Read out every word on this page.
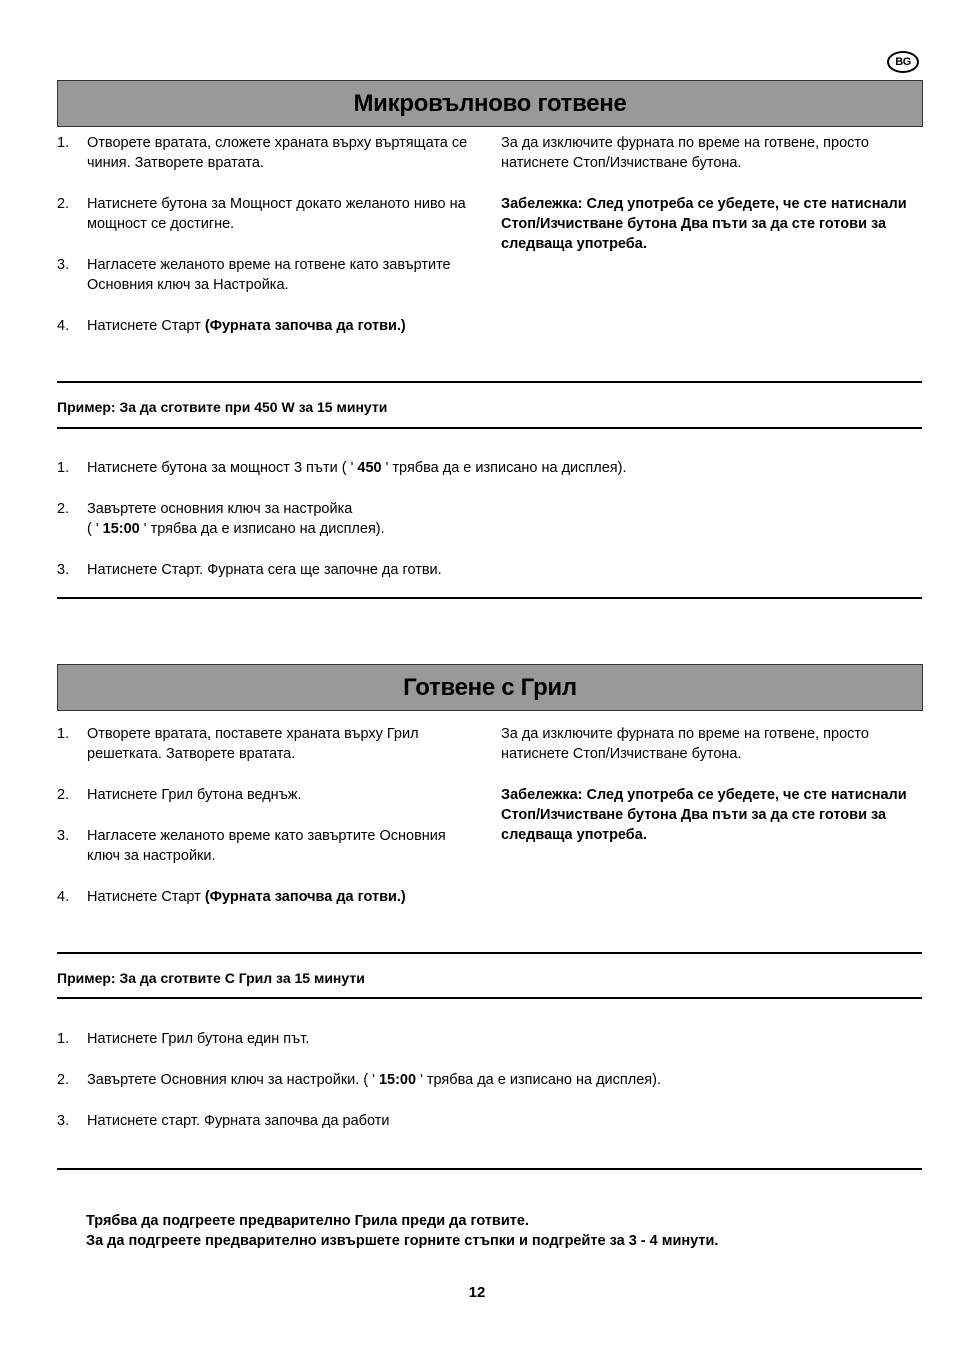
BG
Микровълново готвене
1. Отворете вратата, сложете храната върху въртящата се чиния. Затворете вратата.
2. Натиснете бутона за Мощност докато желаното ниво на мощност се достигне.
3. Нагласете желаното време на готвене като завъртите Основния ключ за Настройка.
4. Натиснете Старт (Фурната започва да готви.)

За да изключите фурната по време на готвене, просто натиснете Стоп/Изчистване бутона.

Забележка: След употреба се убедете, че сте натиснали Стоп/Изчистване бутона Два пъти за да сте готови за следваща употреба.

Пример: За да сготвите при 450 W за 15 минути
1. Натиснете бутона за мощност 3 пъти ( ' 450 ' трябва да е изписано на дисплея).
2. Завъртете основния ключ за настройка
( ' 15:00 ' трябва да е изписано на дисплея).
3. Натиснете Старт. Фурната сега ще започне да готви.
Готвене с Грил
1. Отворете вратата, поставете храната върху Грил решетката. Затворете вратата.
2. Натиснете Грил бутона веднъж.
3. Нагласете желаното време като завъртите Основния ключ за настройки.
4. Натиснете Старт (Фурната започва да готви.)

За да изключите фурната по време на готвене, просто натиснете Стоп/Изчистване бутона.

Забележка: След употреба се убедете, че сте натиснали Стоп/Изчистване бутона Два пъти за да сте готови за следваща употреба.

Пример: За да сготвите С Грил за 15 минути
1. Натиснете Грил бутона един път.
2. Завъртете Основния ключ за настройки. ( ' 15:00 ' трябва да е изписано на дисплея).
3. Натиснете старт. Фурната започва да работи
Трябва да подгреете предварително Грила преди да готвите.
За да подгреете предварително извършете горните стъпки и подгрейте за 3 - 4 минути.
12
